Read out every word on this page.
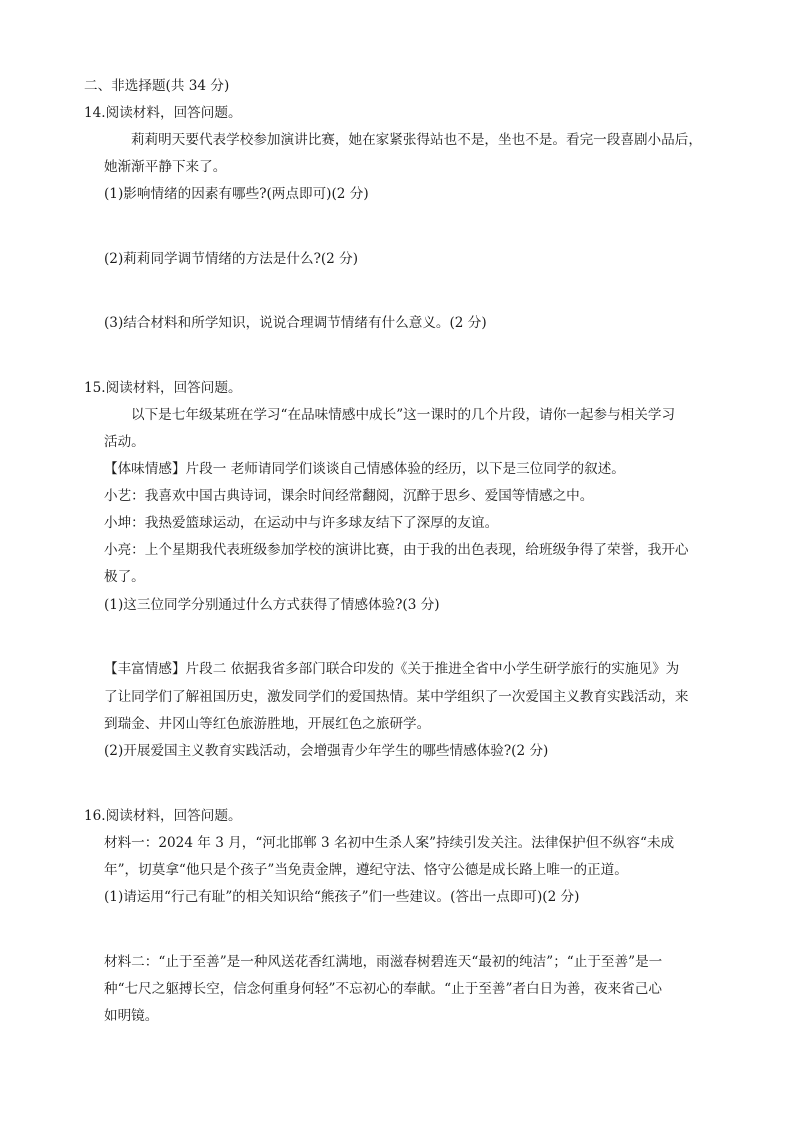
二、非选择题(共 34 分)
14.阅读材料，回答问题。
莉莉明天要代表学校参加演讲比赛，她在家紧张得站也不是，坐也不是。看完一段喜剧小品后，
她渐渐平静下来了。
(1)影响情绪的因素有哪些?(两点即可)(2 分)
(2)莉莉同学调节情绪的方法是什么?(2 分)
(3)结合材料和所学知识，说说合理调节情绪有什么意义。(2 分)
15.阅读材料，回答问题。
以下是七年级某班在学习“在品味情感中成长”这一课时的几个片段，请你一起参与相关学习
活动。
【体味情感】片段一 老师请同学们谈谈自己情感体验的经历，以下是三位同学的叙述。
小艺：我喜欢中国古典诗词，课余时间经常翻阅，沉醉于思乡、爱国等情感之中。
小坤：我热爱篮球运动，在运动中与许多球友结下了深厚的友谊。
小亮：上个星期我代表班级参加学校的演讲比赛，由于我的出色表现，给班级争得了荣誉，我开心
极了。
(1)这三位同学分别通过什么方式获得了情感体验?(3 分)
【丰富情感】片段二 依据我省多部门联合印发的《关于推进全省中小学生研学旅行的实施见》为
了让同学们了解祖国历史，激发同学们的爱国热情。某中学组织了一次爱国主义教育实践活动，来
到瑞金、井冈山等红色旅游胜地，开展红色之旅研学。
(2)开展爱国主义教育实践活动，会增强青少年学生的哪些情感体验?(2 分)
16.阅读材料，回答问题。
材料一：2024 年 3 月，“河北邯郸 3 名初中生杀人案”持续引发关注。法律保护但不纵容“未成
年”，切莫拿“他只是个孩子”当免责金牌，遵纪守法、恪守公德是成长路上唯一的正道。
(1)请运用“行己有耻”的相关知识给“熊孩子”们一些建议。(答出一点即可)(2 分)
材料二：“止于至善”是一种风送花香红满地，雨滋春树碧连天“最初的纯洁”；“止于至善”是一
种“七尺之躯搏长空，信念何重身何轻”不忘初心的奉献。“止于至善”者白日为善，夜来省己心
如明镜。
